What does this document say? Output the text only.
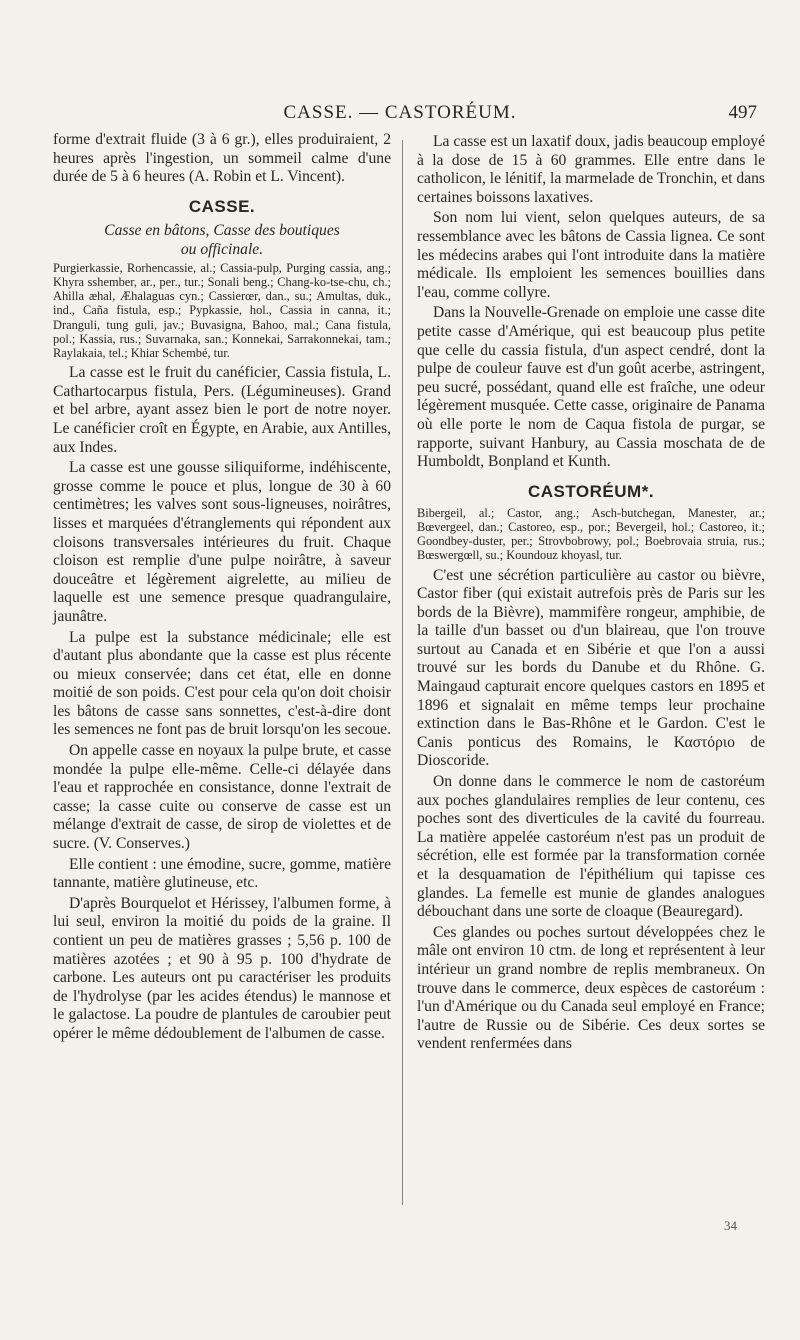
CASSE. — CASTORÉUM.	497

forme d'extrait fluide (3 à 6 gr.), elles produiraient, 2 heures après l'ingestion, un sommeil calme d'une durée de 5 à 6 heures (A. Robin et L. Vincent).

CASSE.

Casse en bâtons, Casse des boutiques

ou officinale.

Purgierkassie, Rorhencassie, al.; Cassia-pulp, Purging cassia, ang.; Khyra sshember, ar., per., tur.; Sonali beng.; Chang-ko-tse-chu, ch.; Ahilla æhal, Æhalaguas cyn.; Cassierœr, dan., su.; Amultas, duk., ind., Caña fistula, esp.; Pypkassie, hol., Cassia in canna, it.; Dranguli, tung guli, jav.; Buvasigna, Bahoo, mal.; Cana fistula, pol.; Kassia, rus.; Suvarnaka, san.; Konnekai, Sarrakonnekai, tam.; Raylakaia, tel.; Khiar Schembé, tur.

La casse est le fruit du canéficier, Cassia fistula, L. Cathartocarpus fistula, Pers. (Légumineuses). Grand et bel arbre, ayant assez bien le port de notre noyer. Le canéficier croît en Égypte, en Arabie, aux Antilles, aux Indes.

La casse est une gousse siliquiforme, indéhiscente, grosse comme le pouce et plus, longue de 30 à 60 centimètres; les valves sont sous-ligneuses, noirâtres, lisses et marquées d'étranglements qui répondent aux cloisons transversales intérieures du fruit. Chaque cloison est remplie d'une pulpe noirâtre, à saveur douceâtre et légèrement aigrelette, au milieu de laquelle est une semence presque quadrangulaire, jaunâtre.

La pulpe est la substance médicinale; elle est d'autant plus abondante que la casse est plus récente ou mieux conservée; dans cet état, elle en donne moitié de son poids. C'est pour cela qu'on doit choisir les bâtons de casse sans sonnettes, c'est-à-dire dont les semences ne font pas de bruit lorsqu'on les secoue.

On appelle casse en noyaux la pulpe brute, et casse mondée la pulpe elle-même. Celle-ci délayée dans l'eau et rapprochée en consistance, donne l'extrait de casse; la casse cuite ou conserve de casse est un mélange d'extrait de casse, de sirop de violettes et de sucre. (V. Conserves.)

Elle contient : une émodine, sucre, gomme, matière tannante, matière glutineuse, etc.

D'après Bourquelot et Hérissey, l'albumen forme, à lui seul, environ la moitié du poids de la graine. Il contient un peu de matières grasses ; 5,56 p. 100 de matières azotées ; et 90 à 95 p. 100 d'hydrate de carbone. Les auteurs ont pu caractériser les produits de l'hydrolyse (par les acides étendus) le mannose et le galactose. La poudre de plantules de caroubier peut opérer le même dédoublement de l'albumen de casse.

La casse est un laxatif doux, jadis beaucoup employé à la dose de 15 à 60 grammes. Elle entre dans le catholicon, le lénitif, la marmelade de Tronchin, et dans certaines boissons laxatives.

Son nom lui vient, selon quelques auteurs, de sa ressemblance avec les bâtons de Cassia lignea. Ce sont les médecins arabes qui l'ont introduite dans la matière médicale. Ils emploient les semences bouillies dans l'eau, comme collyre.

Dans la Nouvelle-Grenade on emploie une casse dite petite casse d'Amérique, qui est beaucoup plus petite que celle du cassia fistula, d'un aspect cendré, dont la pulpe de couleur fauve est d'un goût acerbe, astringent, peu sucré, possédant, quand elle est fraîche, une odeur légèrement musquée. Cette casse, originaire de Panama où elle porte le nom de Caqua fistola de purgar, se rapporte, suivant Hanbury, au Cassia moschata de de Humboldt, Bonpland et Kunth.

CASTORÉUM*.

Bibergeil, al.; Castor, ang.; Asch-butchegan, Manester, ar.; Bœvergeel, dan.; Castoreo, esp., por.; Bevergeil, hol.; Castoreo, it.; Goondbey-duster, per.; Strovbobrowy, pol.; Boebrovaia struia, rus.; Bœswergœll, su.; Koundouz khoyasl, tur.

C'est une sécrétion particulière au castor ou bièvre, Castor fiber (qui existait autrefois près de Paris sur les bords de la Bièvre), mammifère rongeur, amphibie, de la taille d'un basset ou d'un blaireau, que l'on trouve surtout au Canada et en Sibérie et que l'on a aussi trouvé sur les bords du Danube et du Rhône. G. Maingaud capturait encore quelques castors en 1895 et 1896 et signalait en même temps leur prochaine extinction dans le Bas-Rhône et le Gardon. C'est le Canis ponticus des Romains, le Καστόριο de Dioscoride.

On donne dans le commerce le nom de castoréum aux poches glandulaires remplies de leur contenu, ces poches sont des diverticules de la cavité du fourreau. La matière appelée castoréum n'est pas un produit de sécrétion, elle est formée par la transformation cornée et la desquamation de l'épithélium qui tapisse ces glandes. La femelle est munie de glandes analogues débouchant dans une sorte de cloaque (Beauregard).

Ces glandes ou poches surtout développées chez le mâle ont environ 10 ctm. de long et représentent à leur intérieur un grand nombre de replis membraneux. On trouve dans le commerce, deux espèces de castoréum : l'un d'Amérique ou du Canada seul employé en France; l'autre de Russie ou de Sibérie. Ces deux sortes se vendent renfermées dans

34
